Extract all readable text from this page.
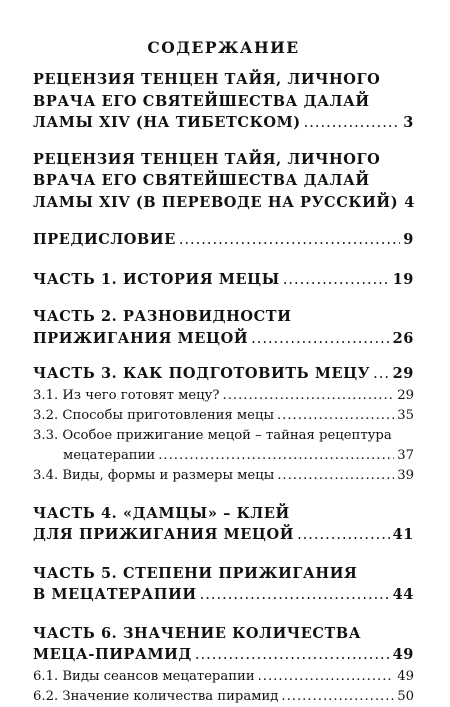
СОДЕРЖАНИЕ
РЕЦЕНЗИЯ ТЕНЦЕН ТАЙЯ, ЛИЧНОГО
ВРАЧА ЕГО СВЯТЕЙШЕСТВА ДАЛАЙ
ЛАМЫ XIV (НА ТИБЕТСКОМ) .....	3
РЕЦЕНЗИЯ ТЕНЦЕН ТАЙЯ, ЛИЧНОГО
ВРАЧА ЕГО СВЯТЕЙШЕСТВА ДАЛАЙ
ЛАМЫ XIV (В ПЕРЕВОДЕ НА РУССКИЙ) 4
ПРЕДИСЛОВИЕ .....	9
ЧАСТЬ 1. ИСТОРИЯ МЕЦЫ .....	19
ЧАСТЬ 2. РАЗНОВИДНОСТИ
ПРИЖИГАНИЯ МЕЦОЙ .....	26
ЧАСТЬ 3. КАК ПОДГОТОВИТЬ МЕЦУ ..... 29
3.1. Из чего готовят мецу? .....	29
3.2. Способы приготовления мецы .....	35
3.3. Особое прижигание мецой – тайная рецептура
мецатерапии .....	37
3.4. Виды, формы и размеры мецы .....	39
ЧАСТЬ 4. «ДАМЦЫ» – КЛЕЙ
ДЛЯ ПРИЖИГАНИЯ МЕЦОЙ .....	41
ЧАСТЬ 5. СТЕПЕНИ ПРИЖИГАНИЯ
В МЕЦАТЕРАПИИ .....	44
ЧАСТЬ 6. ЗНАЧЕНИЕ КОЛИЧЕСТВА
МЕЦА-ПИРАМИД .....	49
6.1. Виды сеансов мецатерапии .....	49
6.2. Значение количества пирамид .....	50
